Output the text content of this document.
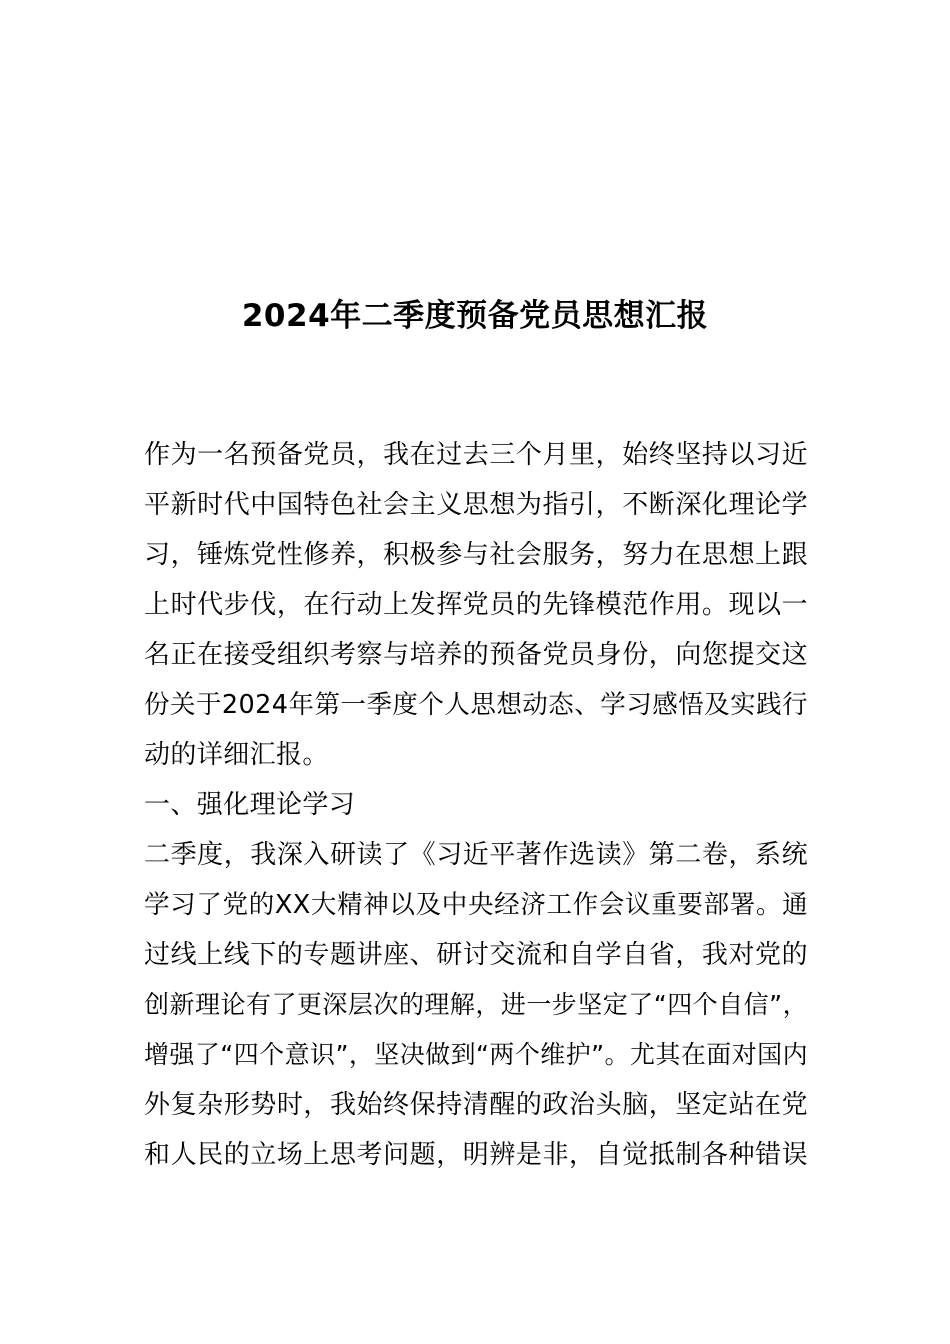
2024年二季度预备党员思想汇报
作为一名预备党员，我在过去三个月里，始终坚持以习近
平新时代中国特色社会主义思想为指引，不断深化理论学
习，锤炼党性修养，积极参与社会服务，努力在思想上跟
上时代步伐，在行动上发挥党员的先锋模范作用。现以一
名正在接受组织考察与培养的预备党员身份，向您提交这
份关于2024年第一季度个人思想动态、学习感悟及实践行
动的详细汇报。
一、强化理论学习
二季度，我深入研读了《习近平著作选读》第二卷，系统
学习了党的XX大精神以及中央经济工作会议重要部署。通
过线上线下的专题讲座、研讨交流和自学自省，我对党的
创新理论有了更深层次的理解，进一步坚定了“四个自信”，
增强了“四个意识”，坚决做到“两个维护”。尤其在面对国内
外复杂形势时，我始终保持清醒的政治头脑，坚定站在党
和人民的立场上思考问题，明辨是非，自觉抵制各种错误
